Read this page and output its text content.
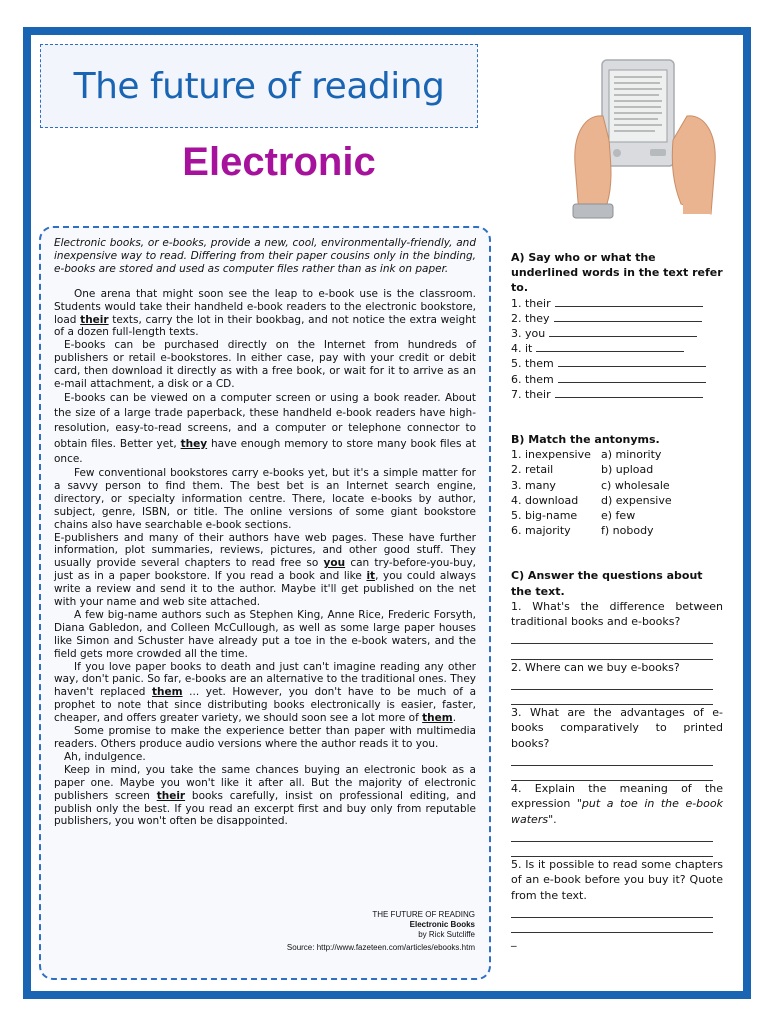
The future of reading
Electronic

Electronic books, or e-books, provide a new, cool, environmentally-friendly, and inexpensive way to read. Differing from their paper cousins only in the binding, e-books are stored and used as computer files rather than as ink on paper.

One arena that might soon see the leap to e-book use is the classroom. Students would take their handheld e-book readers to the electronic bookstore, load their texts, carry the lot in their bookbag, and not notice the extra weight of a dozen full-length texts.

E-books can be purchased directly on the Internet from hundreds of publishers or retail e-bookstores. In either case, pay with your credit or debit card, then download it directly as with a free book, or wait for it to arrive as an e-mail attachment, a disk or a CD.

E-books can be viewed on a computer screen or using a book reader. About the size of a large trade paperback, these handheld e-book readers have high-resolution, easy-to-read screens, and a computer or telephone connector to obtain files. Better yet, they have enough memory to store many book files at once.

Few conventional bookstores carry e-books yet, but it's a simple matter for a savvy person to find them. The best bet is an Internet search engine, directory, or specialty information centre. There, locate e-books by author, subject, genre, ISBN, or title. The online versions of some giant bookstore chains also have searchable e-book sections.

E-publishers and many of their authors have web pages. These have further information, plot summaries, reviews, pictures, and other good stuff. They usually provide several chapters to read free so you can try-before-you-buy, just as in a paper bookstore. If you read a book and like it, you could always write a review and send it to the author. Maybe it'll get published on the net with your name and web site attached.

A few big-name authors such as Stephen King, Anne Rice, Frederic Forsyth, Diana Gabledon, and Colleen McCullough, as well as some large paper houses like Simon and Schuster have already put a toe in the e-book waters, and the field gets more crowded all the time.

If you love paper books to death and just can't imagine reading any other way, don't panic. So far, e-books are an alternative to the traditional ones. They haven't replaced them ... yet. However, you don't have to be much of a prophet to note that since distributing books electronically is easier, faster, cheaper, and offers greater variety, we should soon see a lot more of them.

Some promise to make the experience better than paper with multimedia readers. Others produce audio versions where the author reads it to you.

Ah, indulgence.

Keep in mind, you take the same chances buying an electronic book as a paper one. Maybe you won't like it after all. But the majority of electronic publishers screen their books carefully, insist on professional editing, and publish only the best. If you read an excerpt first and buy only from reputable publishers, you won't often be disappointed.

THE FUTURE OF READING
Electronic Books
by Rick Sutcliffe
Source: http://www.fazeteen.com/articles/ebooks.htm
A) Say who or what the underlined words in the text refer to.
1. their
2. they
3. you
4. it
5. them
6. them
7. their
B) Match the antonyms.
1. inexpensive a) minority
2. retail	b) upload
3. many	c) wholesale
4. download	d) expensive
5. big-name	e) few
6. majority	f) nobody
C) Answer the questions about the text.
1. What's the difference between traditional books and e-books?
2. Where can we buy e-books?
3. What are the advantages of e-books comparatively to printed books?
4. Explain the meaning of the expression "put a toe in the e-book waters".
5. Is it possible to read some chapters of an e-book before you buy it? Quote from the text.
_
